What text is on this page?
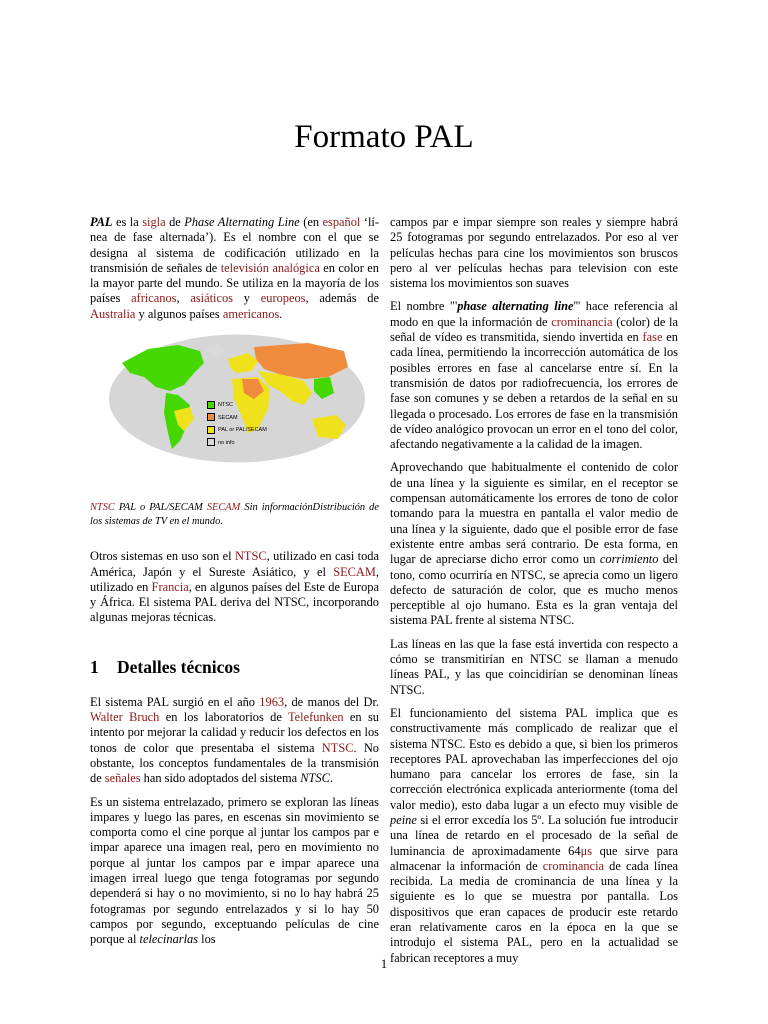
Formato PAL

PAL es la sigla de Phase Alternating Line (en español ‘línea de fase alternada’). Es el nombre con el que se designa al sistema de codificación utilizado en la transmisión de señales de televisión analógica en color en la mayor parte del mundo. Se utiliza en la mayoría de los países africanos, asiáticos y europeos, además de Australia y algunos países americanos.

NTSC
SECAM
PAL or PAL/SECAM
no info
NTSC PAL o PAL/SECAM SECAM Sin informaciónDistribución de los sistemas de TV en el mundo.

Otros sistemas en uso son el NTSC, utilizado en casi toda América, Japón y el Sureste Asiático, y el SECAM, utilizado en Francia, en algunos países del Este de Europa y África. El sistema PAL deriva del NTSC, incorporando algunas mejoras técnicas.

1	Detalles técnicos

El sistema PAL surgió en el año 1963, de manos del Dr. Walter Bruch en los laboratorios de Telefunken en su intento por mejorar la calidad y reducir los defectos en los tonos de color que presentaba el sistema NTSC. No obstante, los conceptos fundamentales de la transmisión de señales han sido adoptados del sistema NTSC.

Es un sistema entrelazado, primero se exploran las líneas impares y luego las pares, en escenas sin movimiento se comporta como el cine porque al juntar los campos par e impar aparece una imagen real, pero en movimiento no porque al juntar los campos par e impar aparece una imagen irreal luego que tenga fotogramas por segundo dependerá si hay o no movimiento, si no lo hay habrá 25 fotogramas por segundo entrelazados y si lo hay 50 campos por segundo, exceptuando películas de cine porque al telecinarlas los

campos par e impar siempre son reales y siempre habrá 25 fotogramas por segundo entrelazados. Por eso al ver películas hechas para cine los movimientos son bruscos pero al ver películas hechas para television con este sistema los movimientos son suaves

El nombre "'phase alternating line''' hace referencia al modo en que la información de crominancia (color) de la señal de vídeo es transmitida, siendo invertida en fase en cada línea, permitiendo la incorrección automática de los posibles errores en fase al cancelarse entre sí. En la transmisión de datos por radiofrecuencia, los errores de fase son comunes y se deben a retardos de la señal en su llegada o procesado. Los errores de fase en la transmisión de vídeo analógico provocan un error en el tono del color, afectando negativamente a la calidad de la imagen.

Aprovechando que habitualmente el contenido de color de una línea y la siguiente es similar, en el receptor se compensan automáticamente los errores de tono de color tomando para la muestra en pantalla el valor medio de una línea y la siguiente, dado que el posible error de fase existente entre ambas será contrario. De esta forma, en lugar de apreciarse dicho error como un corrimiento del tono, como ocurriría en NTSC, se aprecia como un ligero defecto de saturación de color, que es mucho menos perceptible al ojo humano. Esta es la gran ventaja del sistema PAL frente al sistema NTSC.

Las líneas en las que la fase está invertida con respecto a cómo se transmitirían en NTSC se llaman a menudo líneas PAL, y las que coincidirían se denominan líneas NTSC.

El funcionamiento del sistema PAL implica que es constructivamente más complicado de realizar que el sistema NTSC. Esto es debido a que, si bien los primeros receptores PAL aprovechaban las imperfecciones del ojo humano para cancelar los errores de fase, sin la corrección electrónica explicada anteriormente (toma del valor medio), esto daba lugar a un efecto muy visible de peine si el error excedía los 5º. La solución fue introducir una línea de retardo en el procesado de la señal de luminancia de aproximadamente 64μs que sirve para almacenar la información de crominancia de cada línea recibida. La media de crominancia de una línea y la siguiente es lo que se muestra por pantalla. Los dispositivos que eran capaces de producir este retardo eran relativamente caros en la época en la que se introdujo el sistema PAL, pero en la actualidad se fabrican receptores a muy

1
